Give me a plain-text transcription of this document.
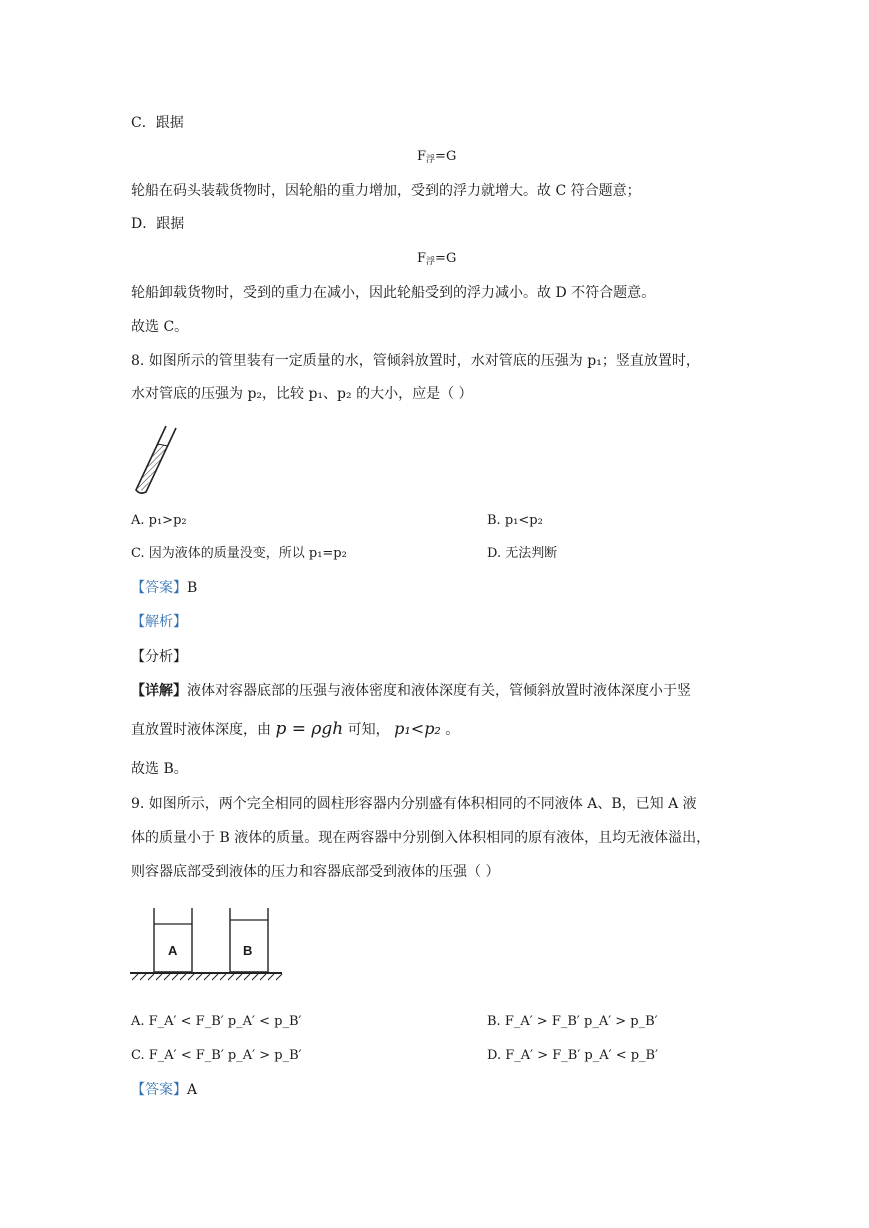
C．跟据
$F_浮=G$
轮船在码头装载货物时，因轮船的重力增加，受到的浮力就增大。故 C 符合题意；
D．跟据
$F_浮=G$
轮船卸载货物时，受到的重力在减小，因此轮船受到的浮力减小。故 D 不符合题意。
故选 C。
8. 如图所示的管里装有一定质量的水，管倾斜放置时，水对管底的压强为 p₁；竖直放置时，
水对管底的压强为 p₂，比较 p₁、p₂ 的大小，应是（ ）
A. p₁>p₂	B. p₁<p₂
C. 因为液体的质量没变，所以 p₁=p₂	D. 无法判断
【答案】B
【解析】
【分析】
【详解】液体对容器底部的压强与液体密度和液体深度有关，管倾斜放置时液体深度小于竖
直放置时液体深度，由 p = ρgh 可知， p₁<p₂ 。
故选 B。
9. 如图所示，两个完全相同的圆柱形容器内分别盛有体积相同的不同液体 A、B，已知 A 液
体的质量小于 B 液体的质量。现在两容器中分别倒入体积相同的原有液体，且均无液体溢出，
则容器底部受到液体的压力和容器底部受到液体的压强（ ）
A	B
A. F_A′ < F_B′ p_A′ < p_B′	B. F_A′ > F_B′ p_A′ > p_B′
C. F_A′ < F_B′ p_A′ > p_B′	D. F_A′ > F_B′ p_A′ < p_B′
【答案】A
